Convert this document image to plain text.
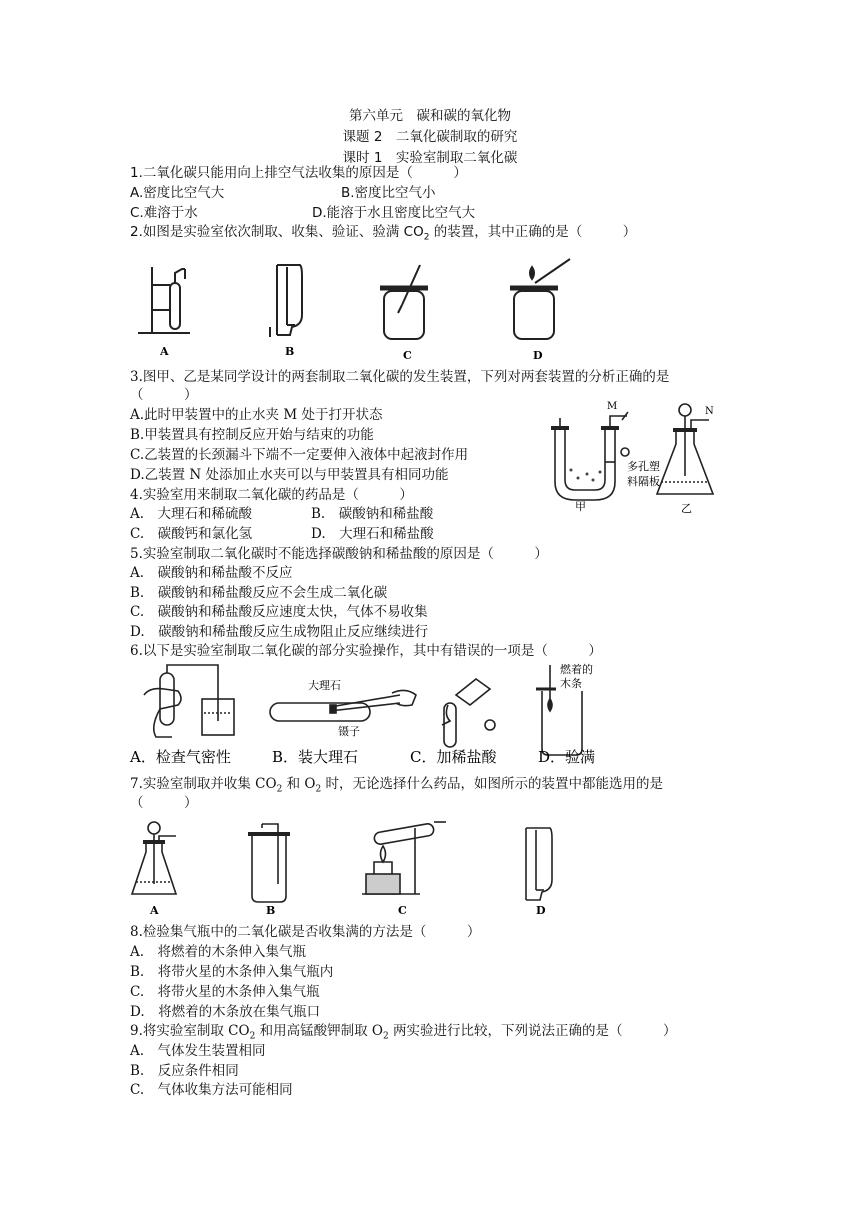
第六单元　碳和碳的氧化物
课题 2　二氧化碳制取的研究
课时 1　实验室制取二氧化碳
1.二氧化碳只能用向上排空气法收集的原因是（　　　）
A.密度比空气大	B.密度比空气小
C.难溶于水	D.能溶于水且密度比空气大
2.如图是实验室依次制取、收集、验证、验满 $CO_2$ 的装置，其中正确的是（　　　）
A	B	C	D
3.图甲、乙是某同学设计的两套制取二氧化碳的发生装置，下列对两套装置的分析正确的是
（　　　）
A.此时甲装置中的止水夹 M 处于打开状态
B.甲装置具有控制反应开始与结束的功能
C.乙装置的长颈漏斗下端不一定要伸入液体中起液封作用
D.乙装置 N 处添加止水夹可以与甲装置具有相同功能
M
多孔塑
料隔板
甲
N
乙
4.实验室用来制取二氧化碳的药品是（　　　）
A.　大理石和稀硫酸	B.　碳酸钠和稀盐酸
C.　碳酸钙和氯化氢	D.　大理石和稀盐酸
5.实验室制取二氧化碳时不能选择碳酸钠和稀盐酸的原因是（　　　）
A.　碳酸钠和稀盐酸不反应
B.　碳酸钠和稀盐酸反应不会生成二氧化碳
C.　碳酸钠和稀盐酸反应速度太快，气体不易收集
D.　碳酸钠和稀盐酸反应生成物阻止反应继续进行
6.以下是实验室制取二氧化碳的部分实验操作，其中有错误的一项是（　　　）
大理石
镊子
燃着的
木条
A．检查气密性	B．装大理石	C．加稀盐酸	D．验满
7.实验室制取并收集 $CO_2$ 和 $O_2$ 时，无论选择什么药品，如图所示的装置中都能选用的是
（　　　）
A	B	C	D
8.检验集气瓶中的二氧化碳是否收集满的方法是（　　　）
A.　将燃着的木条伸入集气瓶
B.　将带火星的木条伸入集气瓶内
C.　将带火星的木条伸入集气瓶
D.　将燃着的木条放在集气瓶口
9.将实验室制取 $CO_2$ 和用高锰酸钾制取 $O_2$ 两实验进行比较，下列说法正确的是（　　　）
A.　气体发生装置相同
B.　反应条件相同
C.　气体收集方法可能相同
